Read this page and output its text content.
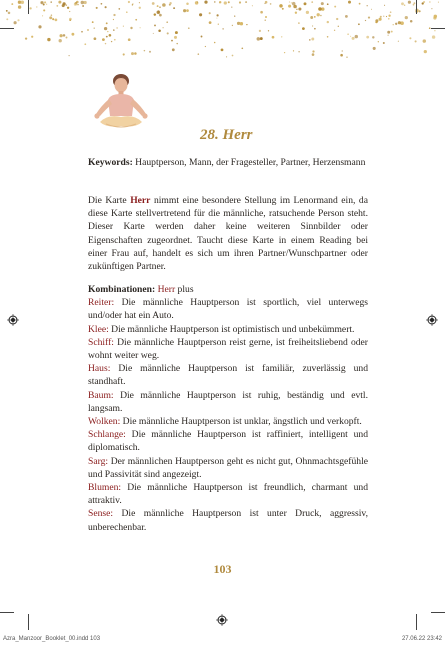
28. Herr

Keywords: Hauptperson, Mann, der Fragesteller, Partner, Herzensmann

Die Karte Herr nimmt eine besondere Stellung im Lenormand ein, da diese Karte stellvertretend für die männliche, ratsuchende Person steht. Dieser Karte werden daher keine weiteren Sinnbilder oder Eigenschaften zugeordnet. Taucht diese Karte in einem Reading bei einer Frau auf, handelt es sich um ihren Partner/Wunschpartner oder zukünftigen Partner.

Kombinationen: Herr plus
Reiter: Die männliche Hauptperson ist sportlich, viel unterwegs und/oder hat ein Auto.
Klee: Die männliche Hauptperson ist optimistisch und unbekümmert.
Schiff: Die männliche Hauptperson reist gerne, ist freiheitsliebend oder wohnt weiter weg.
Haus: Die männliche Hauptperson ist familiär, zuverlässig und standhaft.
Baum: Die männliche Hauptperson ist ruhig, beständig und evtl. langsam.
Wolken: Die männliche Hauptperson ist unklar, ängstlich und verkopft.
Schlange: Die männliche Hauptperson ist raffiniert, intelligent und diplomatisch.
Sarg: Der männlichen Hauptperson geht es nicht gut, Ohnmachtsgefühle und Passivität sind angezeigt.
Blumen: Die männliche Hauptperson ist freundlich, charmant und attraktiv.
Sense: Die männliche Hauptperson ist unter Druck, aggressiv, unberechenbar.
103
Azra_Manzoor_Booklet_00.indd 103	27.06.22 23:42
